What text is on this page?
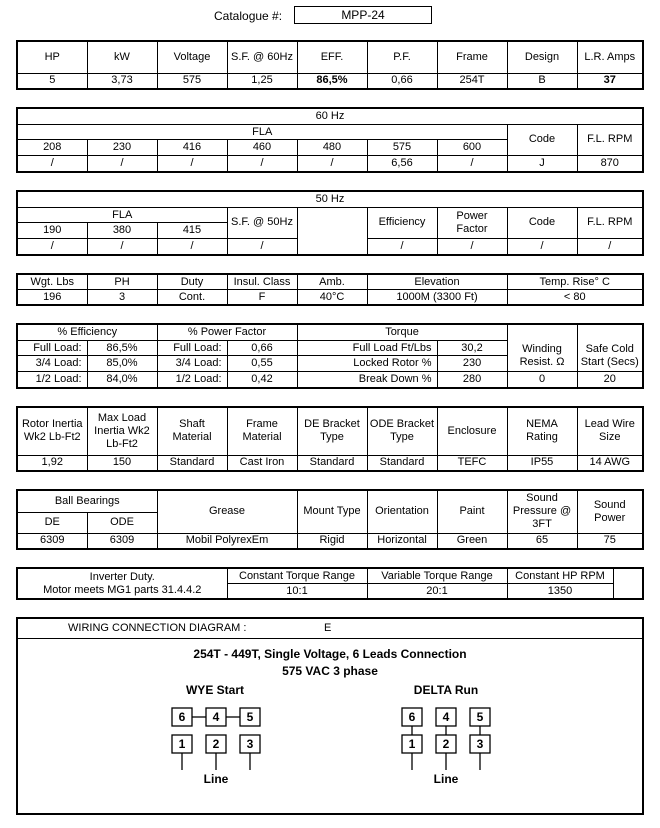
Catalogue #:	MPP-24
HP	kW	Voltage	S.F. @ 60Hz	EFF.	P.F.	Frame	Design	L.R. Amps
5	3,73	575	1,25	86,5%	0,66	254T	B	37
60 Hz								
FLA							Code	F.L. RPM
208	230	416	460	480	575	600		
/	/	/	/	/	6,56	/	J	870
50 Hz								
FLA			S.F. @ 50Hz		Efficiency	Power Factor	Code	F.L. RPM
190	380	415						
/	/	/	/		/	/	/	/
Wgt. Lbs	PH	Duty	Insul. Class	Amb.	Elevation	Temp. Rise° C
196	3	Cont.	F	40°C	1000M (3300 Ft)	< 80
% Efficiency		% Power Factor		Torque			
Full Load:	86,5%	Full Load:	0,66	Full Load Ft/Lbs	30,2	Winding Resist. Ω	Safe Cold Start (Secs)
3/4 Load:	85,0%	3/4 Load:	0,55	Locked Rotor %	230		
1/2 Load:	84,0%	1/2 Load:	0,42	Break Down %	280	0	20
Rotor Inertia Wk2 Lb-Ft2	Max Load Inertia Wk2 Lb-Ft2	Shaft Material	Frame Material	DE Bracket Type	ODE Bracket Type	Enclosure	NEMA Rating	Lead Wire Size
1,92	150	Standard	Cast Iron	Standard	Standard	TEFC	IP55	14 AWG
Ball Bearings		Grease	Mount Type	Orientation	Paint	Sound Pressure @ 3FT	Sound Power
DE	ODE						
6309	6309	Mobil PolyrexEm	Rigid	Horizontal	Green	65	75
Inverter Duty.
Motor meets MG1 parts 31.4.4.2	Constant Torque Range	Variable Torque Range	Constant HP RPM	
	10:1	20:1	1350	
WIRING CONNECTION DIAGRAM :	E
254T - 449T, Single Voltage, 6 Leads Connection
575 VAC 3 phase
WYE Start	DELTA Run
6 4 5
1 2 3
Line
6 4 5
1 2 3
Line
